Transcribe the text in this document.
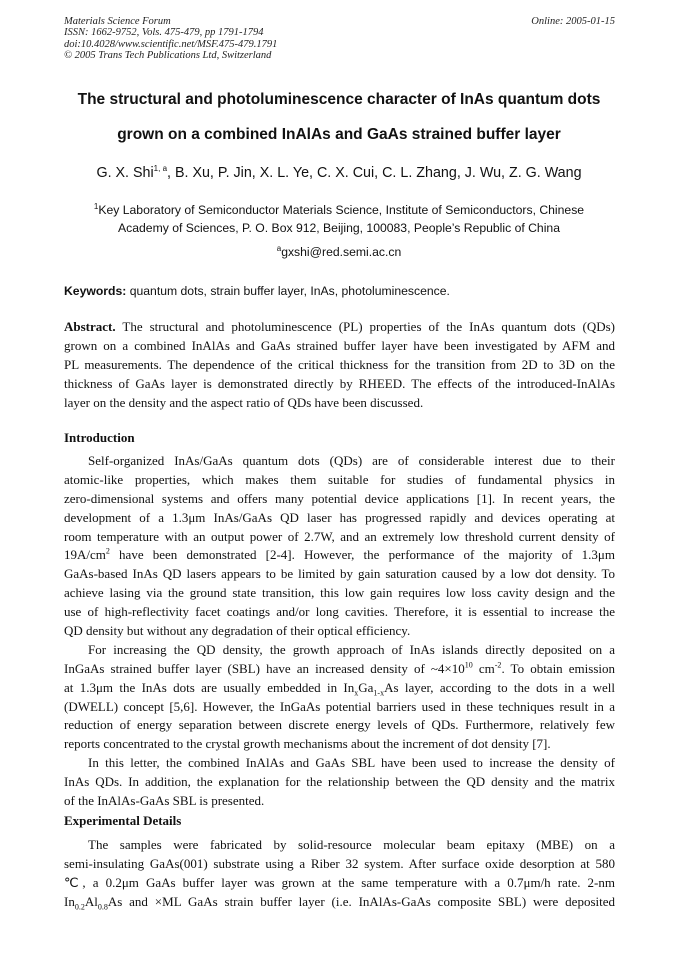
Materials Science Forum
ISSN: 1662-9752, Vols. 475-479, pp 1791-1794
doi:10.4028/www.scientific.net/MSF.475-479.1791
© 2005 Trans Tech Publications Ltd, Switzerland
Online: 2005-01-15
The structural and photoluminescence character of InAs quantum dots
grown on a combined InAlAs and GaAs strained buffer layer
G. X. Shi$^{1, a}$, B. Xu, P. Jin, X. L. Ye, C. X. Cui, C. L. Zhang, J. Wu, Z. G. Wang
$^1$Key Laboratory of Semiconductor Materials Science, Institute of Semiconductors, Chinese
Academy of Sciences, P. O. Box 912, Beijing, 100083, People’s Republic of China
$^a$gxshi@red.semi.ac.cn
Keywords: quantum dots, strain buffer layer, InAs, photoluminescence.
Abstract. The structural and photoluminescence (PL) properties of the InAs quantum dots (QDs)
grown on a combined InAlAs and GaAs strained buffer layer have been investigated by AFM and
PL measurements. The dependence of the critical thickness for the transition from 2D to 3D on the
thickness of GaAs layer is demonstrated directly by RHEED. The effects of the introduced-InAlAs
layer on the density and the aspect ratio of QDs have been discussed.
Introduction
Self-organized InAs/GaAs quantum dots (QDs) are of considerable interest due to their
atomic-like properties, which makes them suitable for studies of fundamental physics in
zero-dimensional systems and offers many potential device applications [1]. In recent years, the
development of a 1.3μm InAs/GaAs QD laser has progressed rapidly and devices operating at
room temperature with an output power of 2.7W, and an extremely low threshold current density of
$19A/cm^2$ have been demonstrated [2-4]. However, the performance of the majority of 1.3μm
GaAs-based InAs QD lasers appears to be limited by gain saturation caused by a low dot density. To
achieve lasing via the ground state transition, this low gain requires low loss cavity design and the
use of high-reflectivity facet coatings and/or long cavities. Therefore, it is essential to increase the
QD density but without any degradation of their optical efficiency.
For increasing the QD density, the growth approach of InAs islands directly deposited on a
InGaAs strained buffer layer (SBL) have an increased density of $\sim 4\times 10^{10}$ $cm^{-2}$. To obtain emission
at 1.3μm the InAs dots are usually embedded in $In_xGa_{1-x}As$ layer, according to the dots in a well
(DWELL) concept [5,6]. However, the InGaAs potential barriers used in these techniques result in a
reduction of energy separation between discrete energy levels of QDs. Furthermore, relatively few
reports concentrated to the crystal growth mechanisms about the increment of dot density [7].
In this letter, the combined InAlAs and GaAs SBL have been used to increase the density of
InAs QDs. In addition, the explanation for the relationship between the QD density and the matrix
of the InAlAs-GaAs SBL is presented.
Experimental Details
The samples were fabricated by solid-resource molecular beam epitaxy (MBE) on a
semi-insulating GaAs(001) substrate using a Riber 32 system. After surface oxide desorption at 580
℃, a 0.2μm GaAs buffer layer was grown at the same temperature with a 0.7μm/h rate. 2-nm
$In_{0.2}Al_{0.8}As$ and ×ML GaAs strain buffer layer (i.e. InAlAs-GaAs composite SBL) were deposited
